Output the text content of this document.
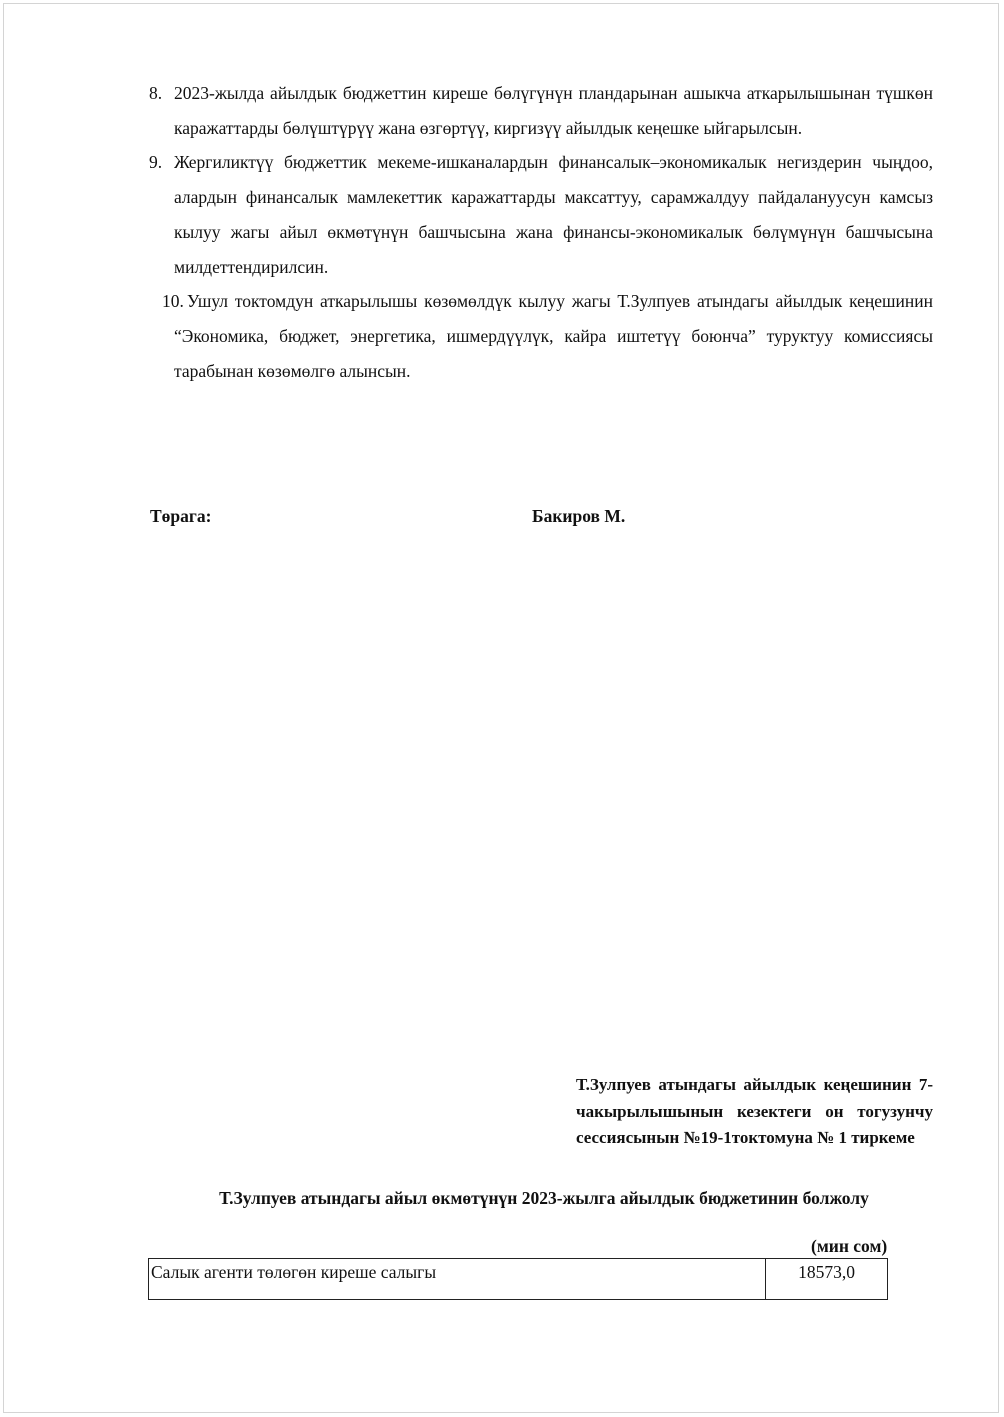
8. 2023-жылда айылдык бюджеттин киреше бөлүгүнүн пландарынан ашыкча аткарылышынан түшкөн каражаттарды бөлүштүрүү жана өзгөртүү, киргизүү айылдык кеңешке ыйгарылсын.
9. Жергиликтүү бюджеттик мекеме-ишканалардын финансалык–экономикалык негиздерин чыңдоо, алардын финансалык мамлекеттик каражаттарды максаттуу, сарамжалдуу пайдалануусун камсыз кылуу жагы айыл өкмөтүнүн башчысына жана финансы-экономикалык бөлүмүнүн башчысына милдеттендирилсин.
10. Ушул токтомдун аткарылышы көзөмөлдүк кылуу жагы Т.Зулпуев атындагы айылдык кеңешинин “Экономика, бюджет, энергетика, ишмердүүлүк, кайра иштетүү боюнча” туруктуу комиссиясы тарабынан көзөмөлгө алынсын.
Төрага:	Бакиров М.
Т.Зулпуев атындагы айылдык кеңешинин 7-чакырылышынын кезектеги он тогузунчу сессиясынын №19-1токтомуна № 1 тиркеме
Т.Зулпуев атындагы айыл өкмөтүнүн 2023-жылга айылдык бюджетинин болжолу
(мин сом)
Салык агенти төлөгөн киреше салыгы	18573,0
